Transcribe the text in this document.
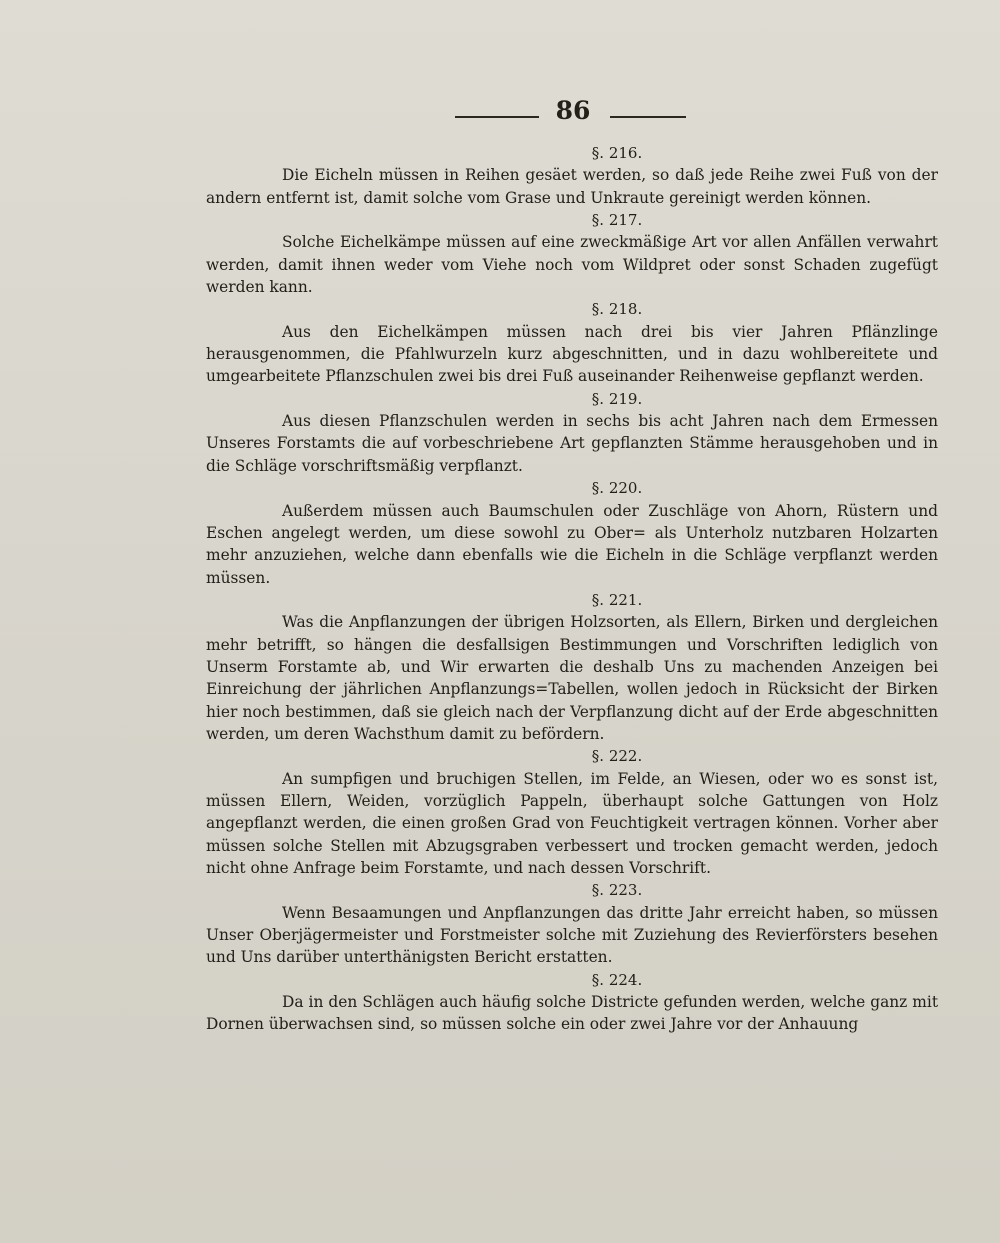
86
§. 216.

Die Eicheln müssen in Reihen gesäet werden, so daß jede Reihe zwei Fuß von der andern entfernt ist, damit solche vom Grase und Unkraute gereinigt werden können.

§. 217.

Solche Eichelkämpe müssen auf eine zweckmäßige Art vor allen Anfällen verwahrt werden, damit ihnen weder vom Viehe noch vom Wildpret oder sonst Schaden zugefügt werden kann.

§. 218.

Aus den Eichelkämpen müssen nach drei bis vier Jahren Pflänzlinge herausgenommen, die Pfahlwurzeln kurz abgeschnitten, und in dazu wohlbereitete und umgearbeitete Pflanzschulen zwei bis drei Fuß auseinander Reihenweise gepflanzt werden.

§. 219.

Aus diesen Pflanzschulen werden in sechs bis acht Jahren nach dem Ermessen Unseres Forstamts die auf vorbeschriebene Art gepflanzten Stämme herausgehoben und in die Schläge vorschriftsmäßig verpflanzt.

§. 220.

Außerdem müssen auch Baumschulen oder Zuschläge von Ahorn, Rüstern und Eschen angelegt werden, um diese sowohl zu Ober= als Unterholz nutzbaren Holzarten mehr anzuziehen, welche dann ebenfalls wie die Eicheln in die Schläge verpflanzt werden müssen.

§. 221.

Was die Anpflanzungen der übrigen Holzsorten, als Ellern, Birken und dergleichen mehr betrifft, so hängen die desfallsigen Bestimmungen und Vorschriften lediglich von Unserm Forstamte ab, und Wir erwarten die deshalb Uns zu machenden Anzeigen bei Einreichung der jährlichen Anpflanzungs=Tabellen, wollen jedoch in Rücksicht der Birken hier noch bestimmen, daß sie gleich nach der Verpflanzung dicht auf der Erde abgeschnitten werden, um deren Wachsthum damit zu befördern.

§. 222.

An sumpfigen und bruchigen Stellen, im Felde, an Wiesen, oder wo es sonst ist, müssen Ellern, Weiden, vorzüglich Pappeln, überhaupt solche Gattungen von Holz angepflanzt werden, die einen großen Grad von Feuchtigkeit vertragen können. Vorher aber müssen solche Stellen mit Abzugsgraben verbessert und trocken gemacht werden, jedoch nicht ohne Anfrage beim Forstamte, und nach dessen Vorschrift.

§. 223.

Wenn Besaamungen und Anpflanzungen das dritte Jahr erreicht haben, so müssen Unser Oberjägermeister und Forstmeister solche mit Zuziehung des Revierförsters besehen und Uns darüber unterthänigsten Bericht erstatten.

§. 224.

Da in den Schlägen auch häufig solche Districte gefunden werden, welche ganz mit Dornen überwachsen sind, so müssen solche ein oder zwei Jahre vor der Anhauung
